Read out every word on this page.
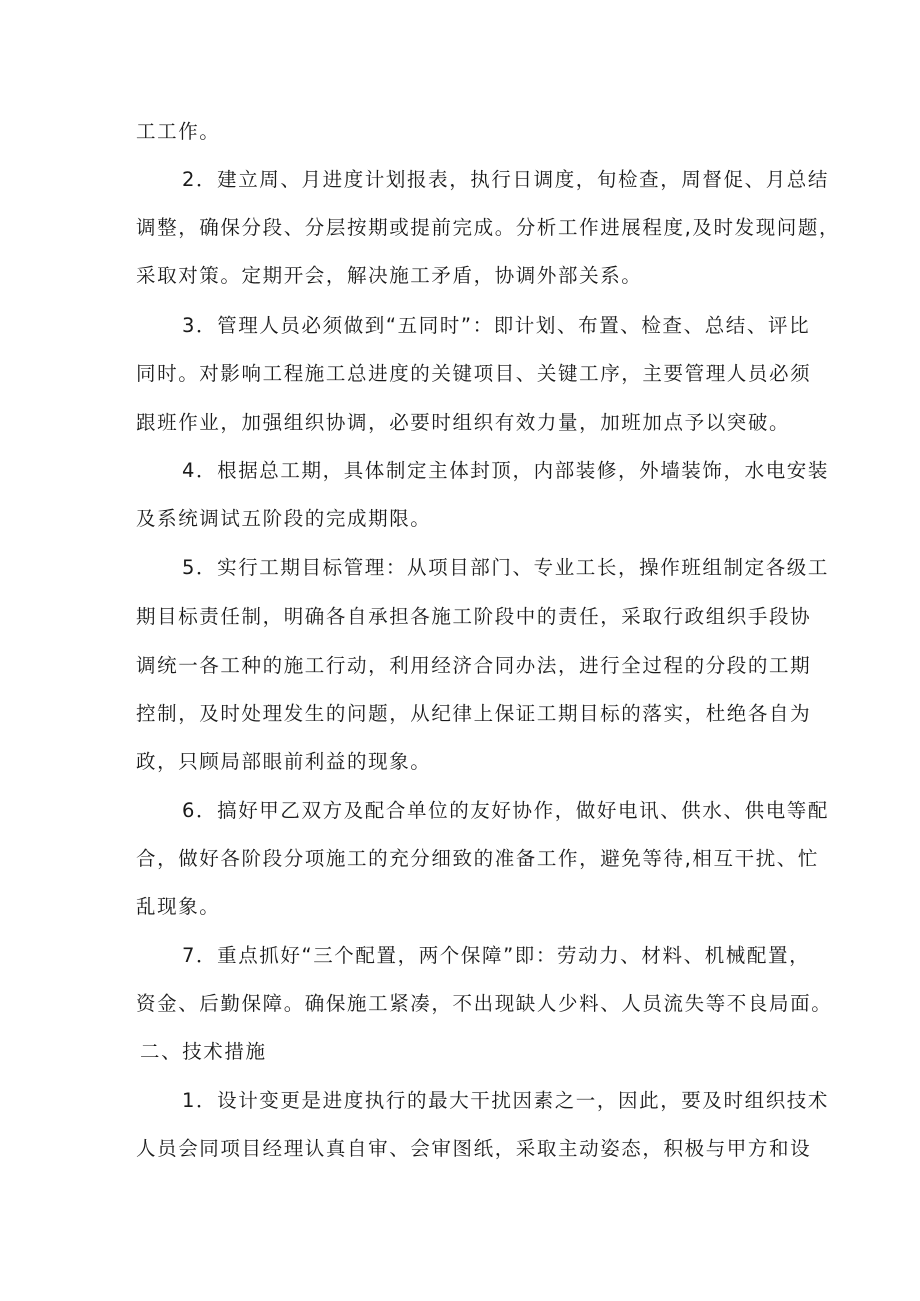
工工作。
2．建立周、月进度计划报表，执行日调度，旬检查，周督促、月总结
调整，确保分段、分层按期或提前完成。分析工作进展程度,及时发现问题，
采取对策。定期开会，解决施工矛盾，协调外部关系。
3．管理人员必须做到“五同时”：即计划、布置、检查、总结、评比
同时。对影响工程施工总进度的关键项目、关键工序，主要管理人员必须
跟班作业，加强组织协调，必要时组织有效力量，加班加点予以突破。
4．根据总工期，具体制定主体封顶，内部装修，外墙装饰，水电安装
及系统调试五阶段的完成期限。
5．实行工期目标管理：从项目部门、专业工长，操作班组制定各级工
期目标责任制，明确各自承担各施工阶段中的责任，采取行政组织手段协
调统一各工种的施工行动，利用经济合同办法，进行全过程的分段的工期
控制，及时处理发生的问题，从纪律上保证工期目标的落实，杜绝各自为
政，只顾局部眼前利益的现象。
6．搞好甲乙双方及配合单位的友好协作，做好电讯、供水、供电等配
合，做好各阶段分项施工的充分细致的准备工作，避免等待,相互干扰、忙
乱现象。
7．重点抓好“三个配置，两个保障”即：劳动力、材料、机械配置，
资金、后勤保障。确保施工紧凑，不出现缺人少料、人员流失等不良局面。
二、技术措施
1．设计变更是进度执行的最大干扰因素之一，因此，要及时组织技术
人员会同项目经理认真自审、会审图纸，采取主动姿态，积极与甲方和设
